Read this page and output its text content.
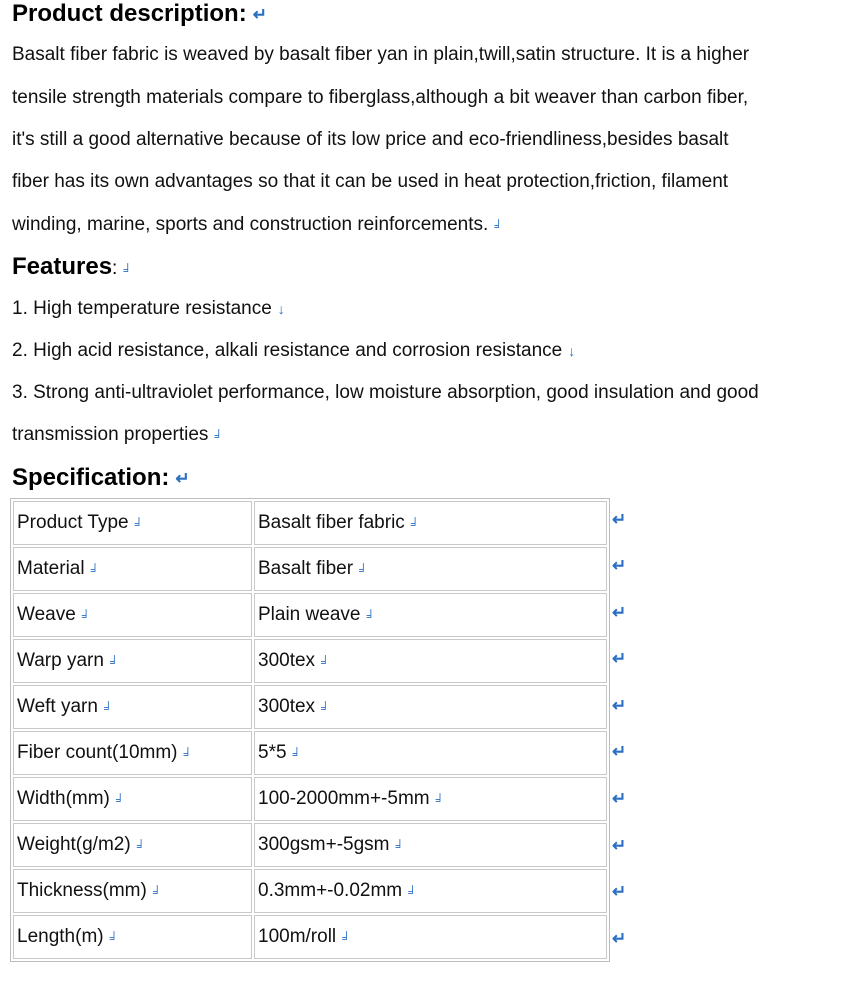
Product description: ↵

Basalt fiber fabric is weaved by basalt fiber yan in plain,twill,satin structure. It is a higher

tensile strength materials compare to fiberglass,although a bit weaver than carbon fiber,

it's still a good alternative because of its low price and eco-friendliness,besides basalt

fiber has its own advantages so that it can be used in heat protection,friction, filament

winding, marine, sports and construction reinforcements. ╛

Features: ╛

1. High temperature resistance ↓

2. High acid resistance, alkali resistance and corrosion resistance ↓

3. Strong anti-ultraviolet performance, low moisture absorption, good insulation and good

transmission properties ╛

Specification: ↵
Product Type ╛	Basalt fiber fabric ╛
Material ╛	Basalt fiber ╛
Weave ╛	Plain weave ╛
Warp yarn ╛	300tex ╛
Weft yarn ╛	300tex ╛
Fiber count(10mm) ╛	5*5 ╛
Width(mm) ╛	100-2000mm+-5mm ╛
Weight(g/m2) ╛	300gsm+-5gsm ╛
Thickness(mm) ╛	0.3mm+-0.02mm ╛
Length(m) ╛	100m/roll ╛
↵
↵
↵
↵
↵
↵
↵
↵
↵
↵
